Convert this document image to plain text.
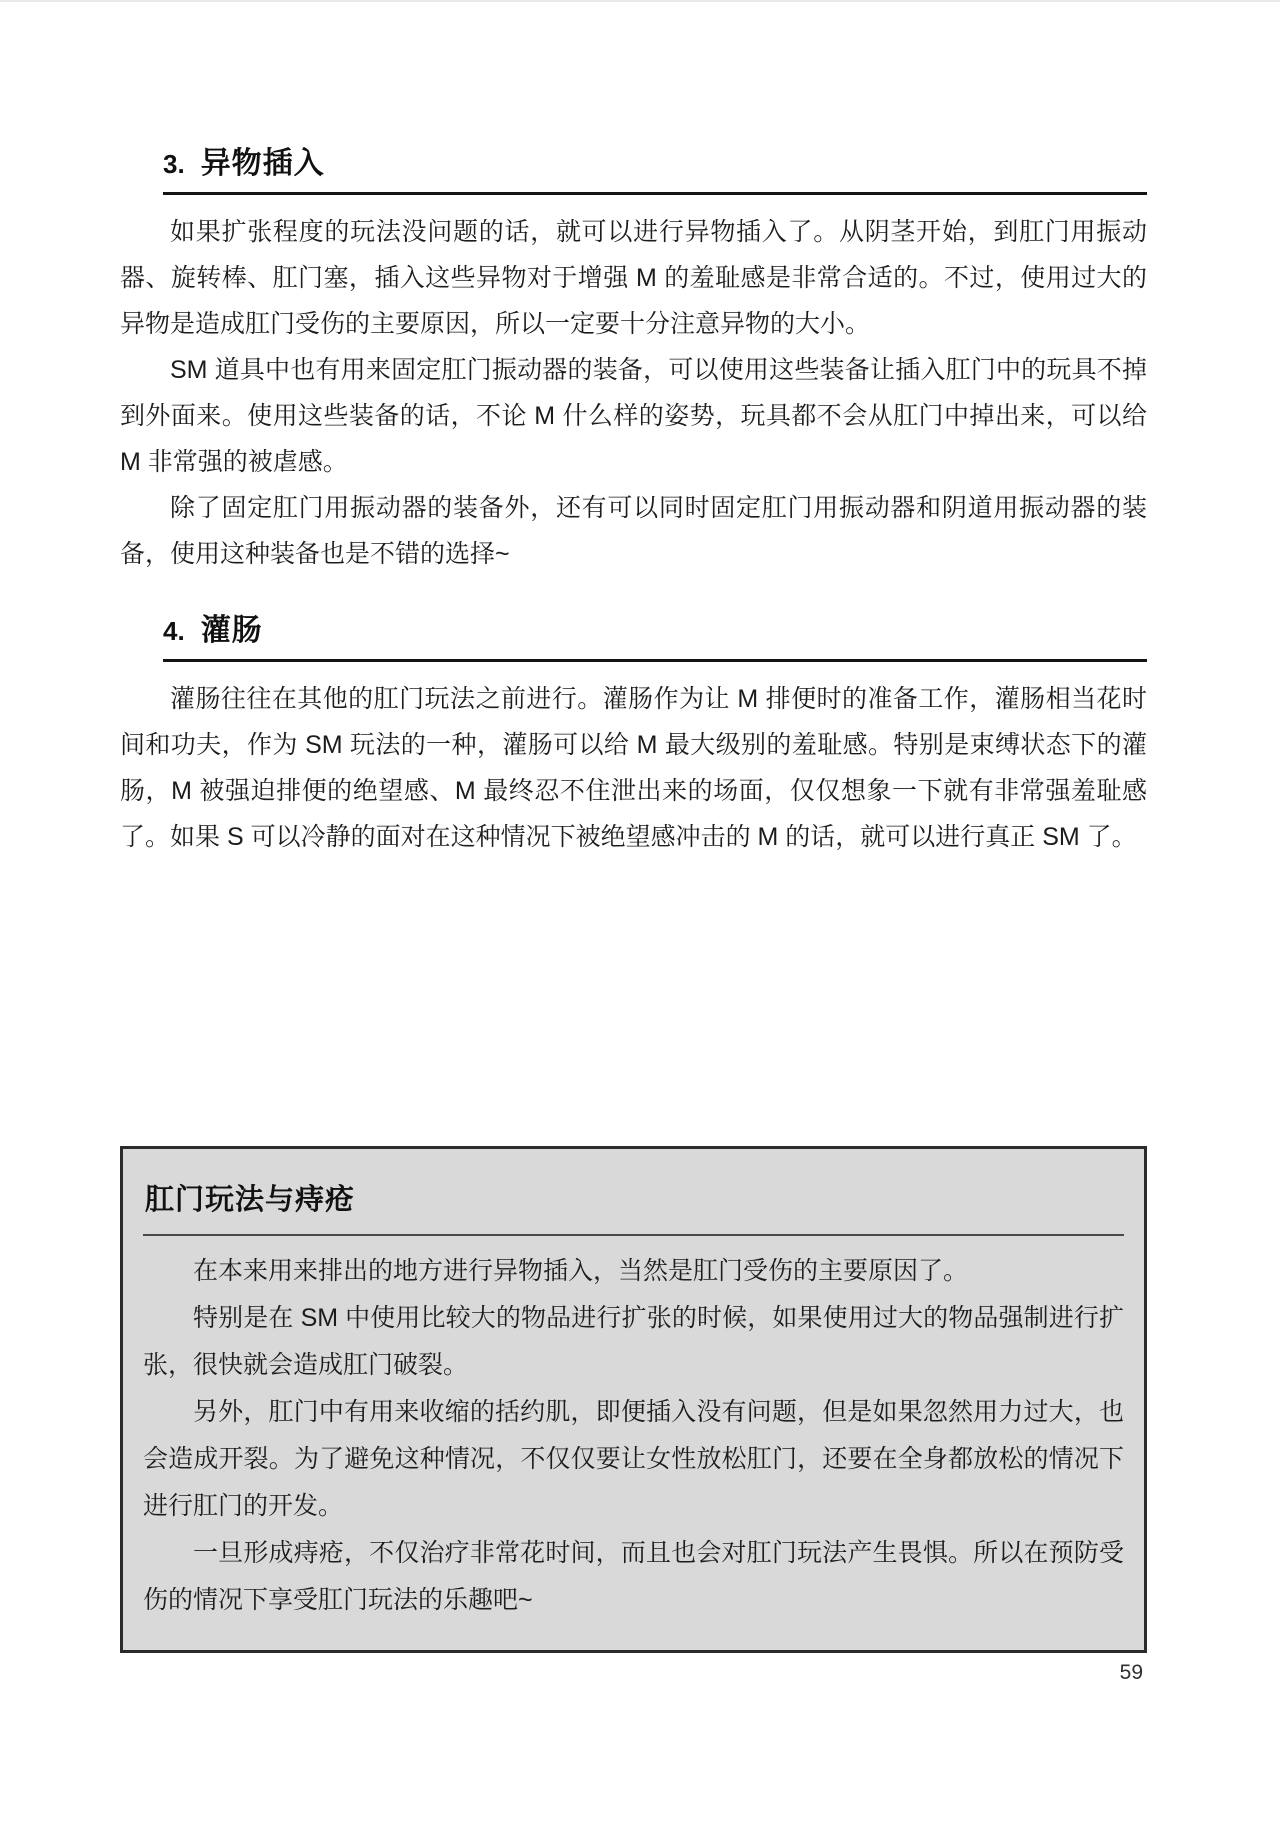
3. 异物插入

如果扩张程度的玩法没问题的话，就可以进行异物插入了。从阴茎开始，到肛门用振动器、旋转棒、肛门塞，插入这些异物对于增强 M 的羞耻感是非常合适的。不过，使用过大的异物是造成肛门受伤的主要原因，所以一定要十分注意异物的大小。

SM 道具中也有用来固定肛门振动器的装备，可以使用这些装备让插入肛门中的玩具不掉到外面来。使用这些装备的话，不论 M 什么样的姿势，玩具都不会从肛门中掉出来，可以给 M 非常强的被虐感。

除了固定肛门用振动器的装备外，还有可以同时固定肛门用振动器和阴道用振动器的装备，使用这种装备也是不错的选择~

4. 灌肠

灌肠往往在其他的肛门玩法之前进行。灌肠作为让 M 排便时的准备工作，灌肠相当花时间和功夫，作为 SM 玩法的一种，灌肠可以给 M 最大级别的羞耻感。特别是束缚状态下的灌肠，M 被强迫排便的绝望感、M 最终忍不住泄出来的场面，仅仅想象一下就有非常强羞耻感了。如果 S 可以冷静的面对在这种情况下被绝望感冲击的 M 的话，就可以进行真正 SM 了。

肛门玩法与痔疮

在本来用来排出的地方进行异物插入，当然是肛门受伤的主要原因了。

特别是在 SM 中使用比较大的物品进行扩张的时候，如果使用过大的物品强制进行扩张，很快就会造成肛门破裂。

另外，肛门中有用来收缩的括约肌，即便插入没有问题，但是如果忽然用力过大，也会造成开裂。为了避免这种情况，不仅仅要让女性放松肛门，还要在全身都放松的情况下进行肛门的开发。

一旦形成痔疮，不仅治疗非常花时间，而且也会对肛门玩法产生畏惧。所以在预防受伤的情况下享受肛门玩法的乐趣吧~

59
